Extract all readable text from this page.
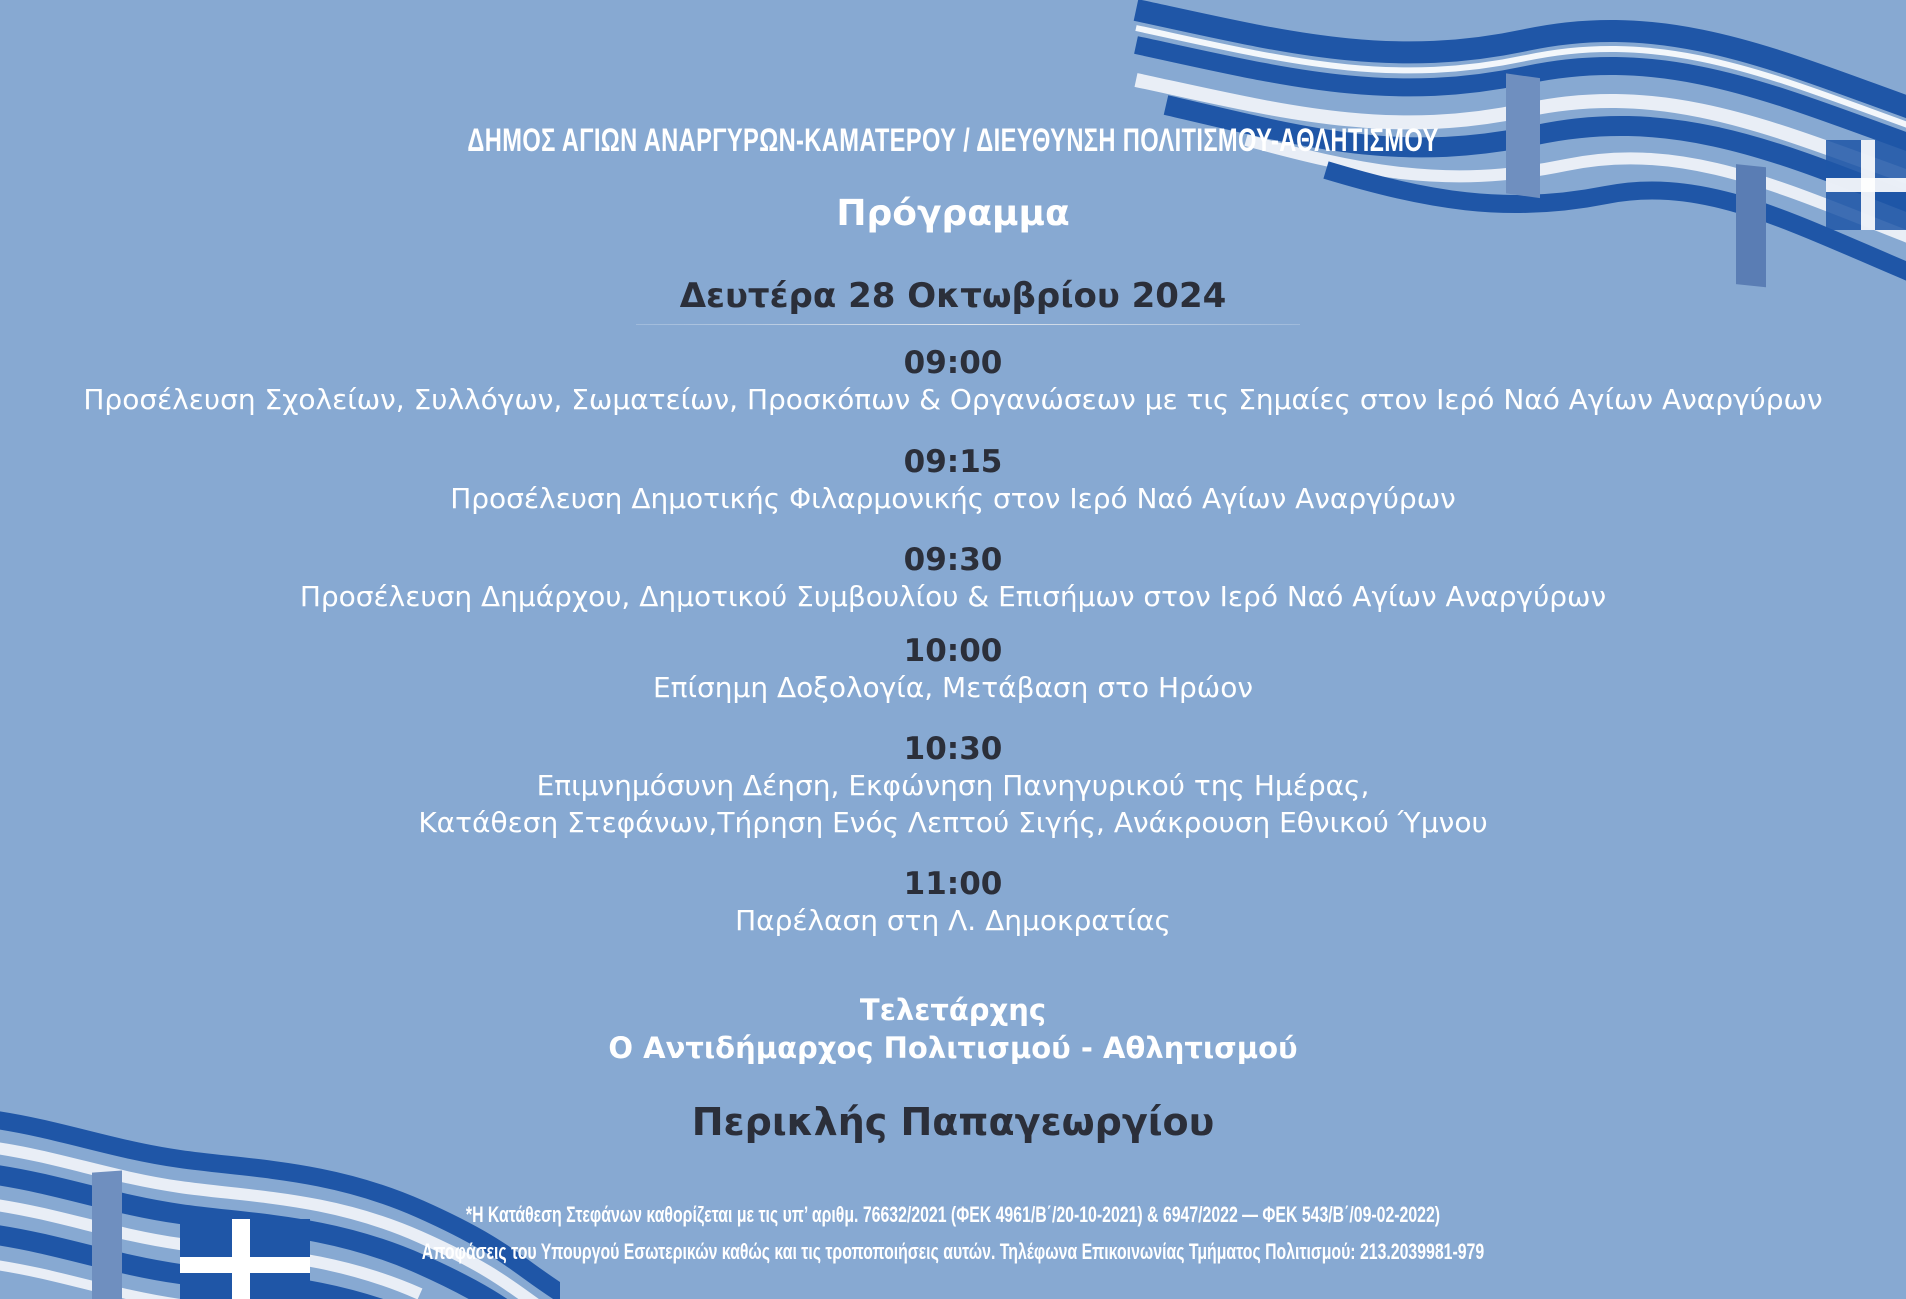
ΔΗΜΟΣ ΑΓΙΩΝ ΑΝΑΡΓΥΡΩΝ-ΚΑΜΑΤΕΡΟΥ / ΔΙΕΥΘΥΝΣΗ ΠΟΛΙΤΙΣΜΟΥ-ΑΘΛΗΤΙΣΜΟΥ
Πρόγραμμα
Δευτέρα 28 Οκτωβρίου 2024
09:00
Προσέλευση Σχολείων, Συλλόγων, Σωματείων, Προσκόπων & Οργανώσεων με τις Σημαίες στον Ιερό Ναό Αγίων Αναργύρων
09:15
Προσέλευση Δημοτικής Φιλαρμονικής στον Ιερό Ναό Αγίων Αναργύρων
09:30
Προσέλευση Δημάρχου, Δημοτικού Συμβουλίου & Επισήμων στον Ιερό Ναό Αγίων Αναργύρων
10:00
Επίσημη Δοξολογία, Μετάβαση στο Ηρώον
10:30
Επιμνημόσυνη Δέηση, Εκφώνηση Πανηγυρικού της Ημέρας,
Κατάθεση Στεφάνων,Τήρηση Ενός Λεπτού Σιγής, Ανάκρουση Εθνικού Ύμνου
11:00
Παρέλαση στη Λ. Δημοκρατίας
Τελετάρχης
Ο Αντιδήμαρχος Πολιτισμού - Αθλητισμού
Περικλής Παπαγεωργίου
*Η Κατάθεση Στεφάνων καθορίζεται με τις υπ’ αριθμ. 76632/2021 (ΦΕΚ 4961/Β΄/20-10-2021) & 6947/2022 — ΦΕΚ 543/Β΄/09-02-2022)
Αποφάσεις του Υπουργού Εσωτερικών καθώς και τις τροποποιήσεις αυτών. Τηλέφωνα Επικοινωνίας Τμήματος Πολιτισμού: 213.2039981-979
